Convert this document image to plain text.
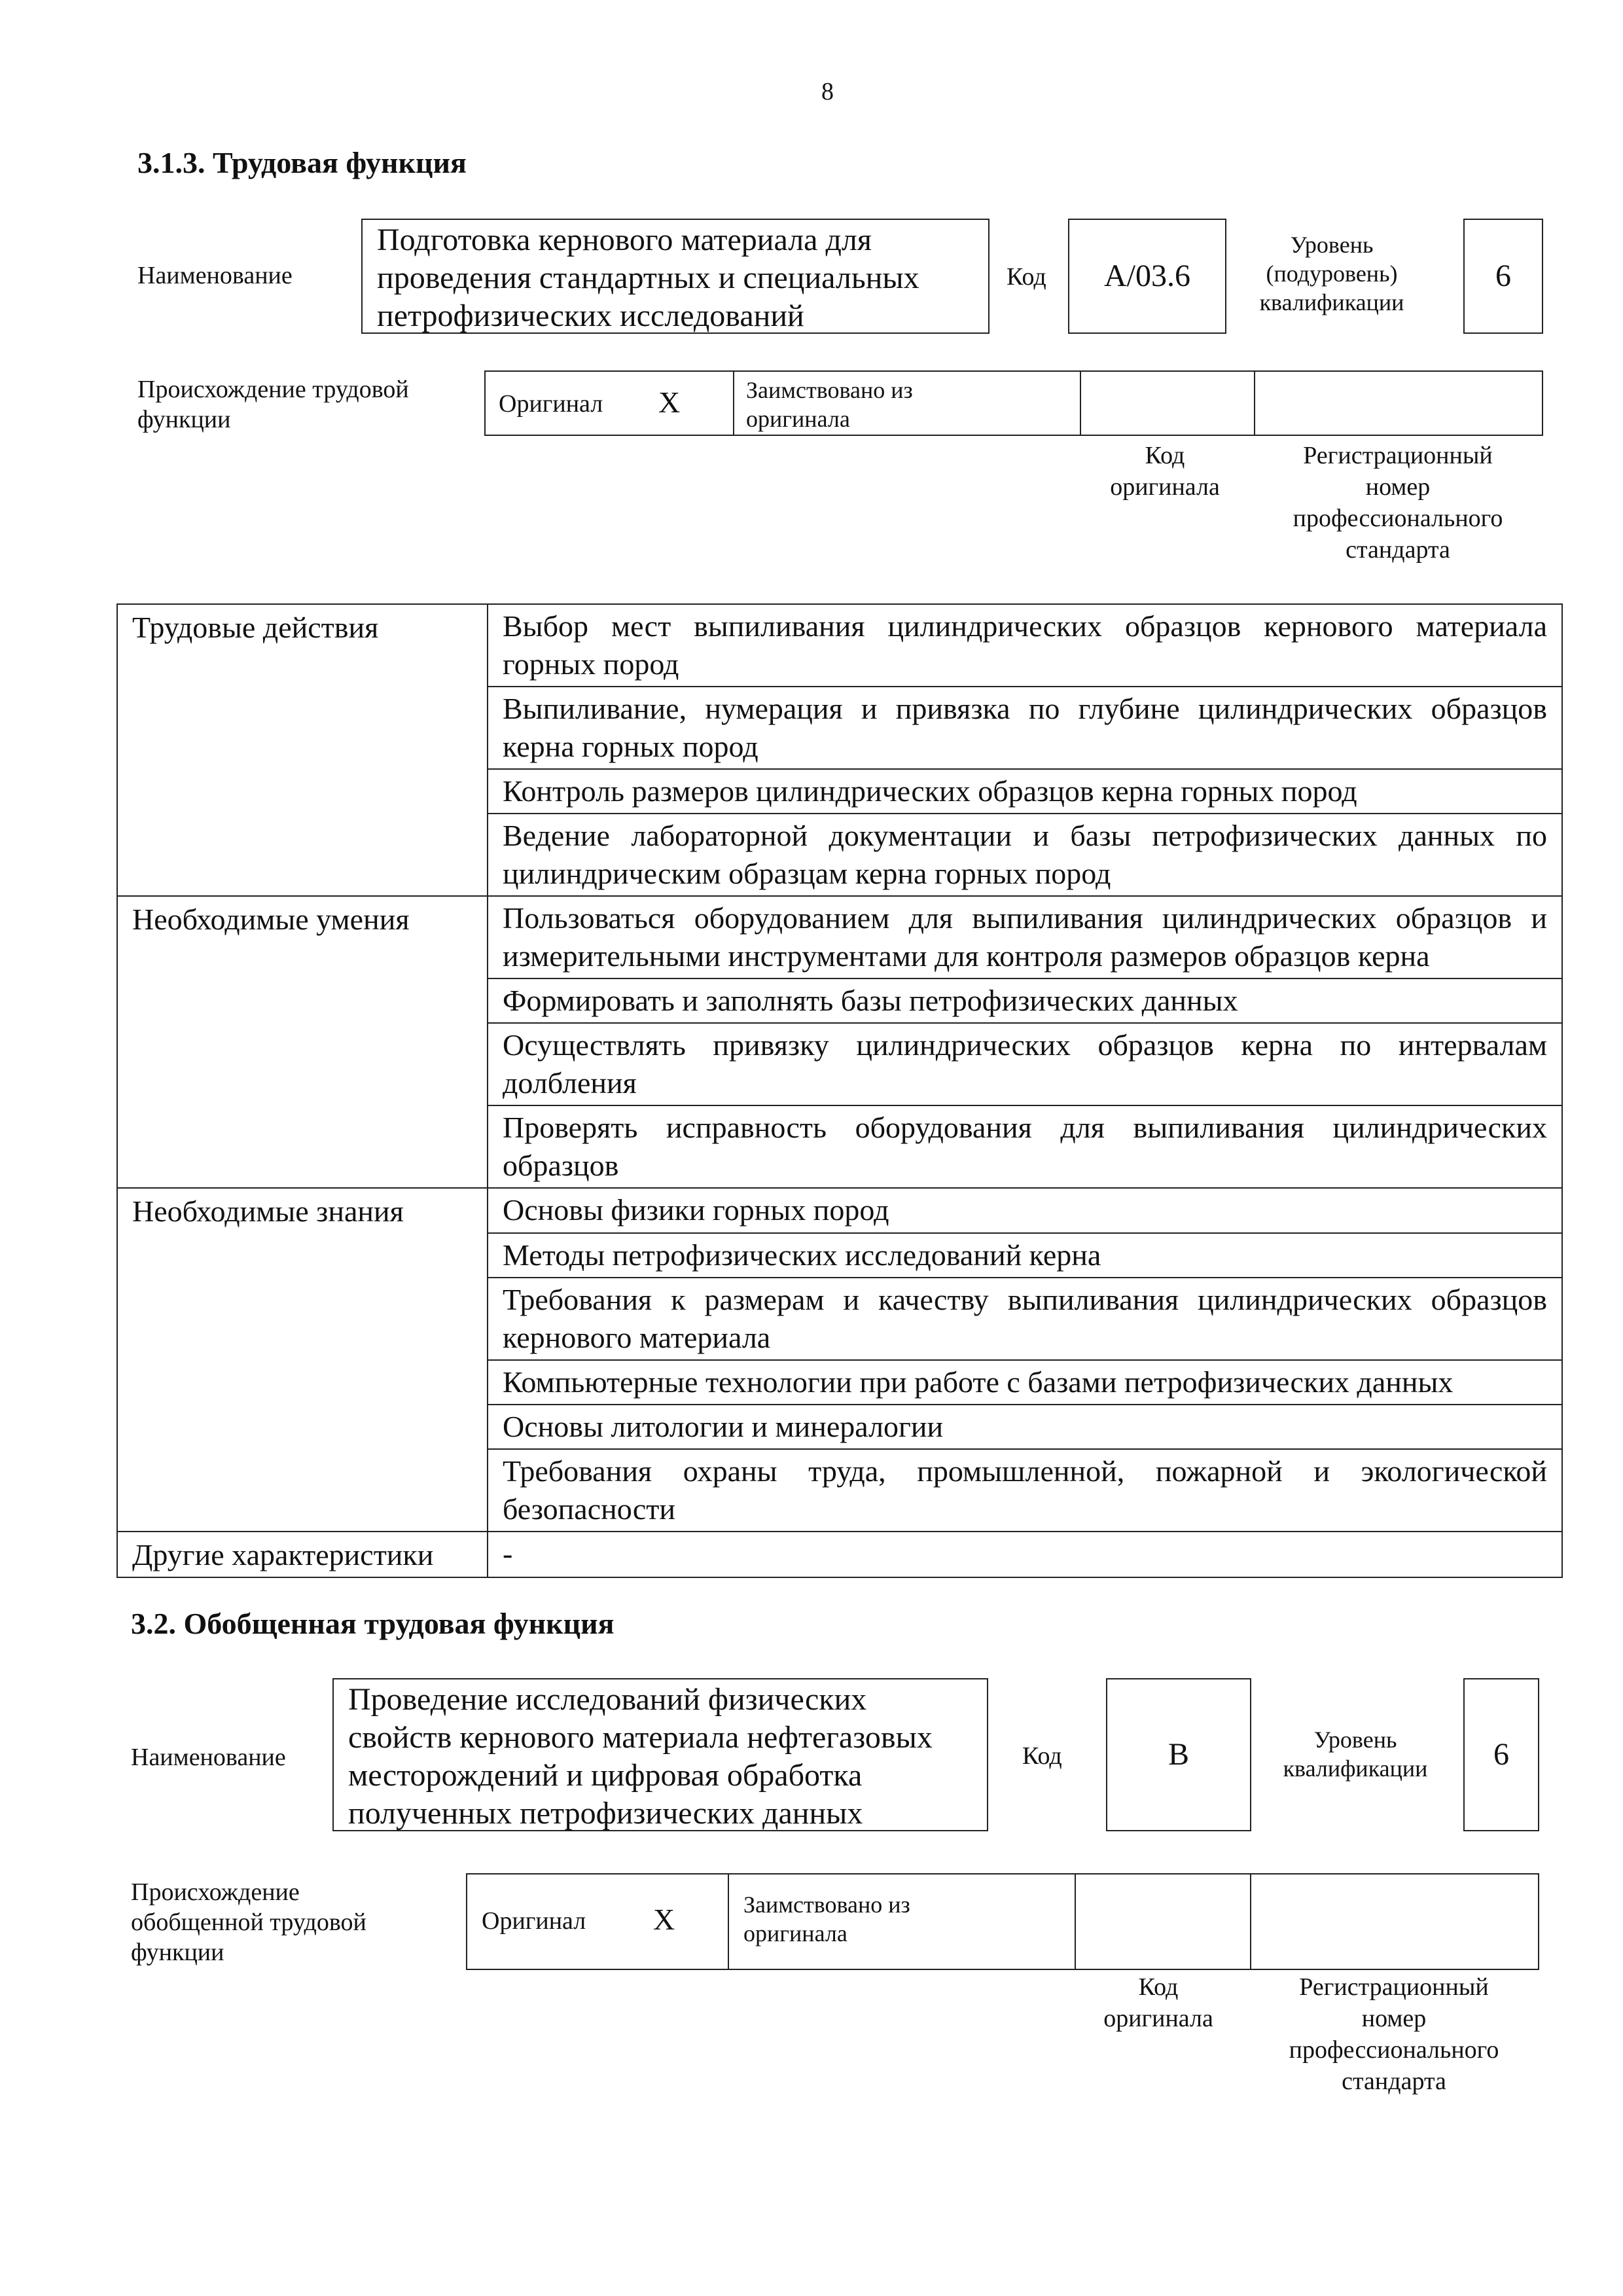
8
3.1.3. Трудовая функция
Наименование
Подготовка кернового материала для
проведения стандартных и специальных
петрофизических исследований
Код А/03.6
Уровень
(подуровень)
квалификации
6
Происхождение трудовой
функции
Оригинал X	Заимствовано из
оригинала
Код
оригинала
Регистрационный
номер
профессионального
стандарта
Трудовые действия	Выбор мест выпиливания цилиндрических образцов кернового материала горных пород
	Выпиливание, нумерация и привязка по глубине цилиндрических образцов керна горных пород
	Контроль размеров цилиндрических образцов керна горных пород
	Ведение лабораторной документации и базы петрофизических данных по цилиндрическим образцам керна горных пород
Необходимые умения	Пользоваться оборудованием для выпиливания цилиндрических образцов и измерительными инструментами для контроля размеров образцов керна
	Формировать и заполнять базы петрофизических данных
	Осуществлять привязку цилиндрических образцов керна по интервалам долбления
	Проверять исправность оборудования для выпиливания цилиндрических образцов
Необходимые знания	Основы физики горных пород
	Методы петрофизических исследований керна
	Требования к размерам и качеству выпиливания цилиндрических образцов кернового материала
	Компьютерные технологии при работе с базами петрофизических данных
	Основы литологии и минералогии
	Требования охраны труда, промышленной, пожарной и экологической безопасности
Другие характеристики	-
3.2. Обобщенная трудовая функция
Наименование
Проведение исследований физических
свойств кернового материала нефтегазовых
месторождений и цифровая обработка
полученных петрофизических данных
Код	В	Уровень
квалификации	6
Происхождение
обобщенной трудовой
функции
Оригинал X	Заимствовано из
оригинала
Код
оригинала
Регистрационный
номер
профессионального
стандарта
